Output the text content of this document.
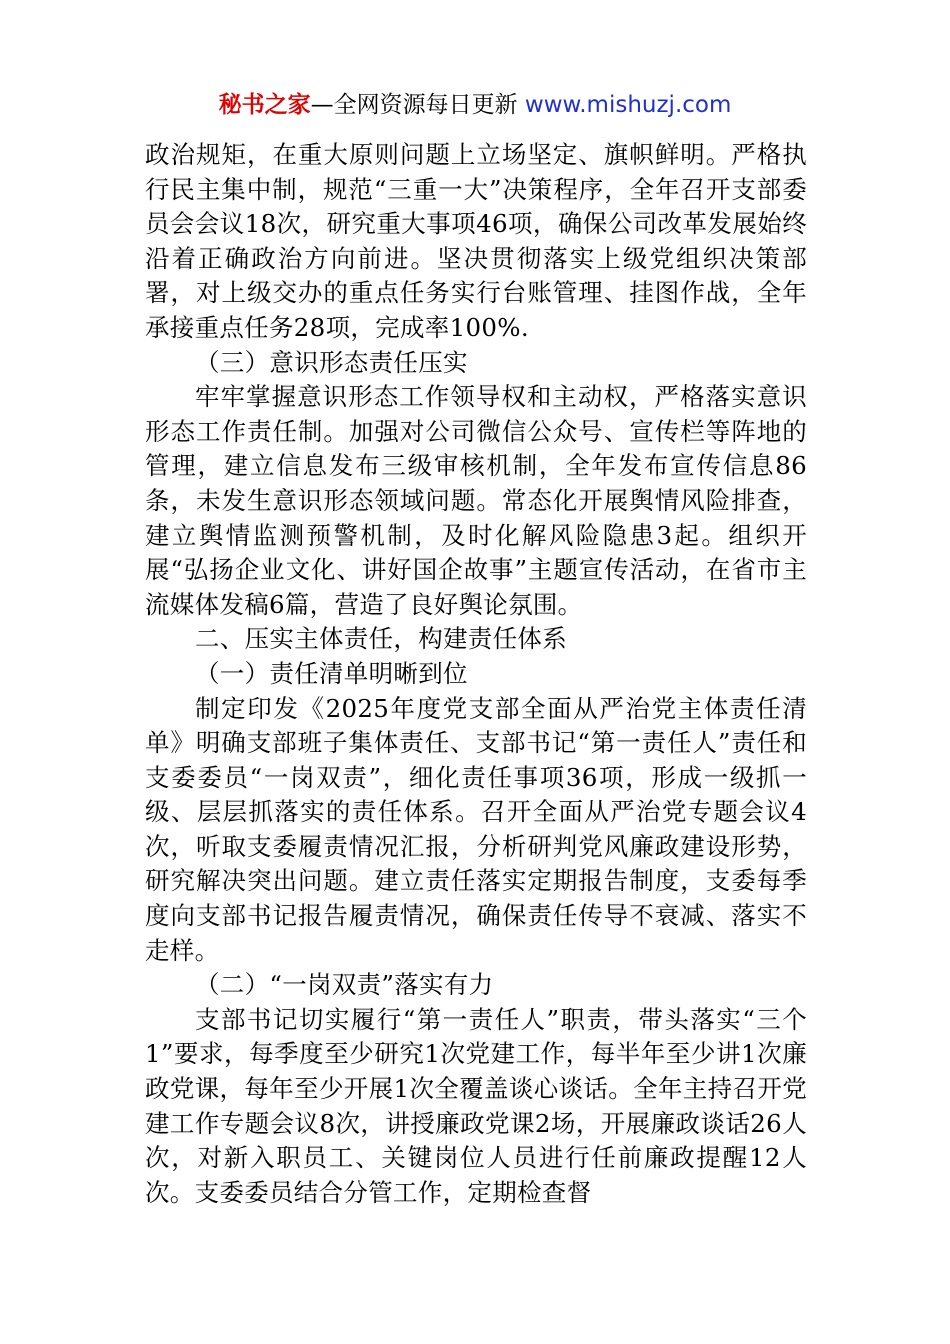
秘书之家—全网资源每日更新 www.mishuzj.com

政治规矩，在重大原则问题上立场坚定、旗帜鲜明。严格执行民主集中制，规范“三重一大”决策程序，全年召开支部委员会会议18次，研究重大事项46项，确保公司改革发展始终沿着正确政治方向前进。坚决贯彻落实上级党组织决策部署，对上级交办的重点任务实行台账管理、挂图作战，全年承接重点任务28项，完成率100%.

（三）意识形态责任压实

牢牢掌握意识形态工作领导权和主动权，严格落实意识形态工作责任制。加强对公司微信公众号、宣传栏等阵地的管理，建立信息发布三级审核机制，全年发布宣传信息86条，未发生意识形态领域问题。常态化开展舆情风险排查，建立舆情监测预警机制，及时化解风险隐患3起。组织开展“弘扬企业文化、讲好国企故事”主题宣传活动，在省市主流媒体发稿6篇，营造了良好舆论氛围。

二、压实主体责任，构建责任体系

（一）责任清单明晰到位

制定印发《2025年度党支部全面从严治党主体责任清单》明确支部班子集体责任、支部书记“第一责任人”责任和支委委员“一岗双责”，细化责任事项36项，形成一级抓一级、层层抓落实的责任体系。召开全面从严治党专题会议4次，听取支委履责情况汇报，分析研判党风廉政建设形势，研究解决突出问题。建立责任落实定期报告制度，支委每季度向支部书记报告履责情况，确保责任传导不衰减、落实不走样。

（二）“一岗双责”落实有力

支部书记切实履行“第一责任人”职责，带头落实“三个1”要求，每季度至少研究1次党建工作，每半年至少讲1次廉政党课，每年至少开展1次全覆盖谈心谈话。全年主持召开党建工作专题会议8次，讲授廉政党课2场，开展廉政谈话26人次，对新入职员工、关键岗位人员进行任前廉政提醒12人次。支委委员结合分管工作，定期检查督
